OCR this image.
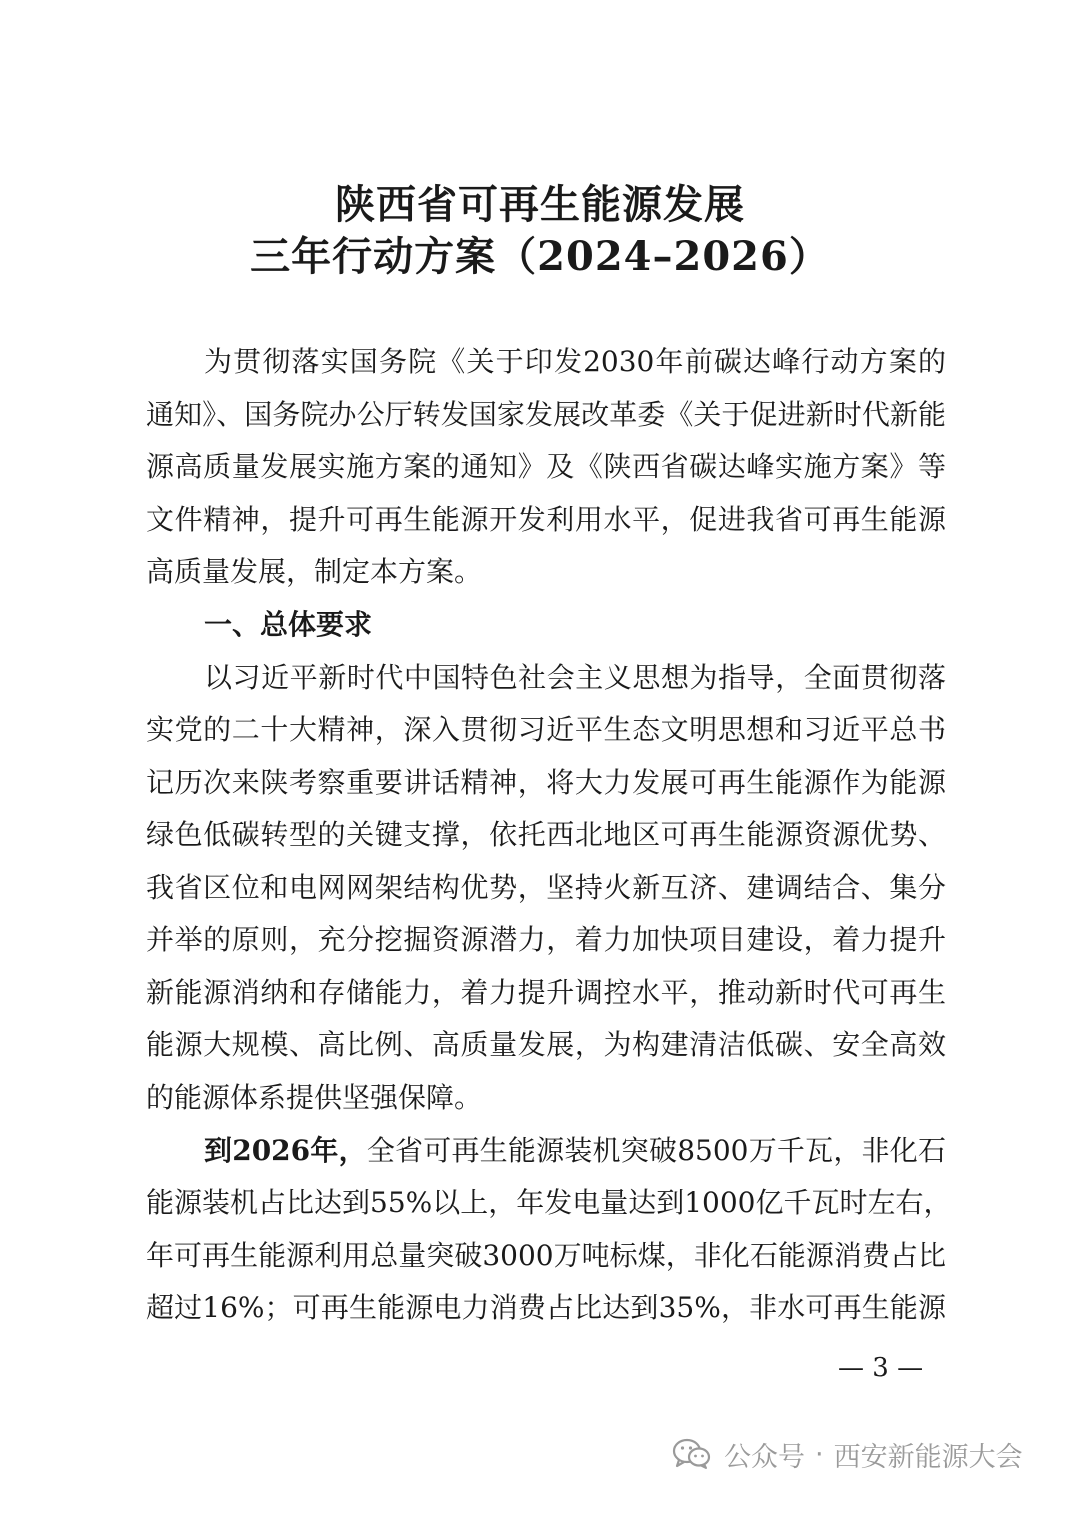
陕西省可再生能源发展
三年行动方案（2024–2026）
为贯彻落实国务院《关于印发2030年前碳达峰行动方案的
通知》、国务院办公厅转发国家发展改革委《关于促进新时代新能
源高质量发展实施方案的通知》及《陕西省碳达峰实施方案》等
文件精神，提升可再生能源开发利用水平，促进我省可再生能源
高质量发展，制定本方案。
一、总体要求
以习近平新时代中国特色社会主义思想为指导，全面贯彻落
实党的二十大精神，深入贯彻习近平生态文明思想和习近平总书
记历次来陕考察重要讲话精神，将大力发展可再生能源作为能源
绿色低碳转型的关键支撑，依托西北地区可再生能源资源优势、
我省区位和电网网架结构优势，坚持火新互济、建调结合、集分
并举的原则，充分挖掘资源潜力，着力加快项目建设，着力提升
新能源消纳和存储能力，着力提升调控水平，推动新时代可再生
能源大规模、高比例、高质量发展，为构建清洁低碳、安全高效
的能源体系提供坚强保障。
到2026年，全省可再生能源装机突破8500万千瓦，非化石
能源装机占比达到55%以上，年发电量达到1000亿千瓦时左右，
年可再生能源利用总量突破3000万吨标煤，非化石能源消费占比
超过16%；可再生能源电力消费占比达到35%，非水可再生能源
— 3 —
公众号 · 西安新能源大会
